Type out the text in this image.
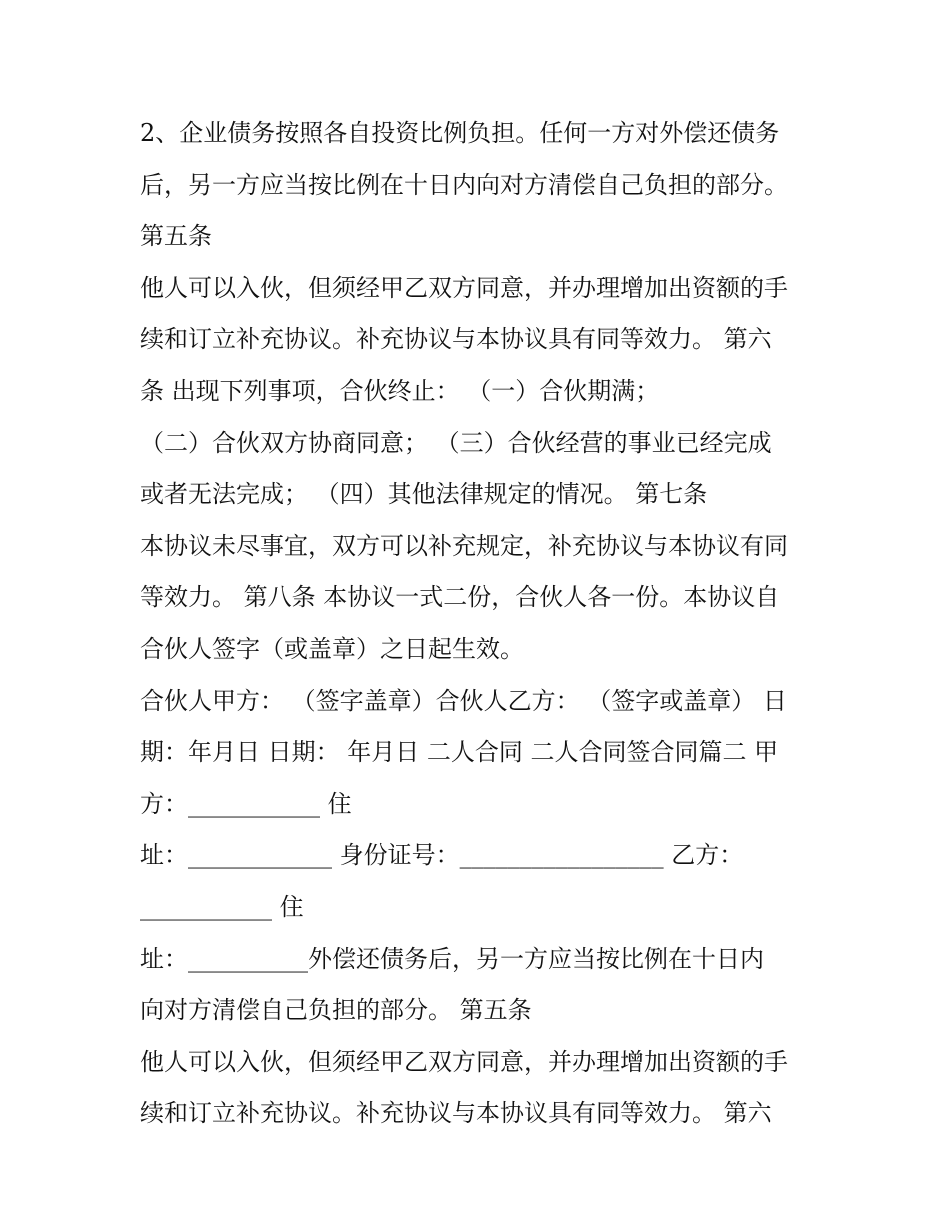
2、企业债务按照各自投资比例负担。任何一方对外偿还债务
后，另一方应当按比例在十日内向对方清偿自己负担的部分。
第五条
他人可以入伙，但须经甲乙双方同意，并办理增加出资额的手
续和订立补充协议。补充协议与本协议具有同等效力。 第六
条 出现下列事项，合伙终止： （一）合伙期满；
（二）合伙双方协商同意； （三）合伙经营的事业已经完成
或者无法完成； （四）其他法律规定的情况。 第七条
本协议未尽事宜，双方可以补充规定，补充协议与本协议有同
等效力。 第八条 本协议一式二份，合伙人各一份。本协议自
合伙人签字（或盖章）之日起生效。
合伙人甲方： （签字盖章）合伙人乙方： （签字或盖章） 日
期：年月日 日期： 年月日 二人合同 二人合同签合同篇二 甲
方：___________ 住
址：____________ 身份证号：_________________ 乙方：
___________ 住
址：__________外偿还债务后，另一方应当按比例在十日内
向对方清偿自己负担的部分。 第五条
他人可以入伙，但须经甲乙双方同意，并办理增加出资额的手
续和订立补充协议。补充协议与本协议具有同等效力。 第六
